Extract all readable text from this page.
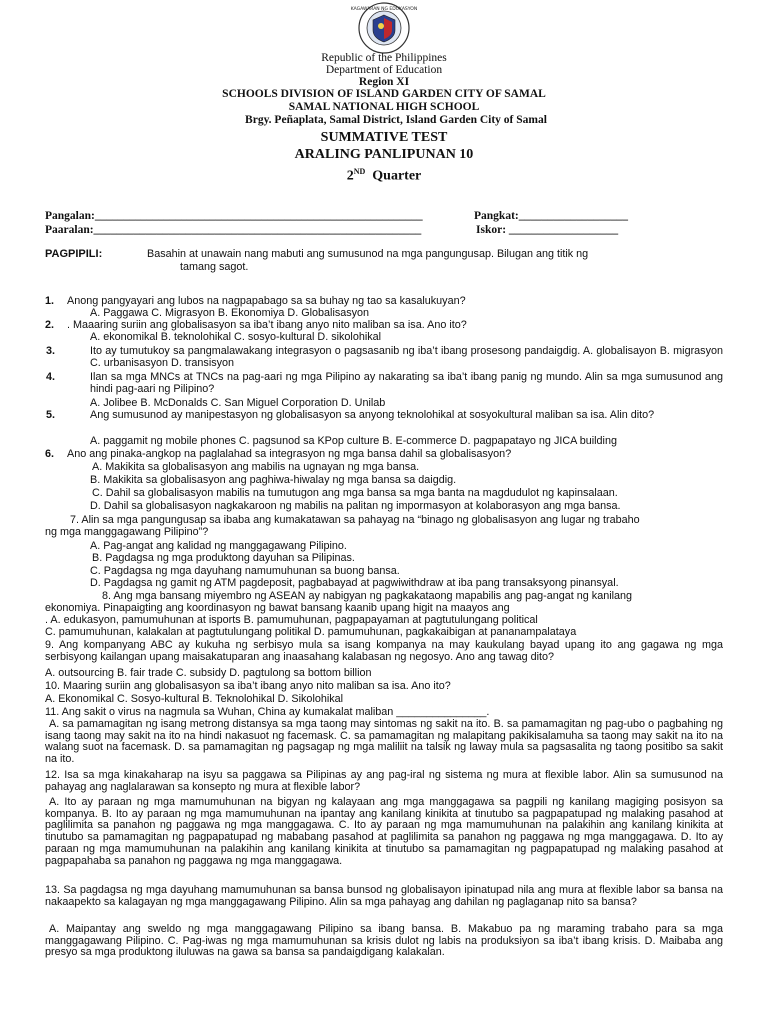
KAGAWARAN NG EDUKASYON
Republic of the Philippines
Department of Education
Region XI
SCHOOLS DIVISION OF ISLAND GARDEN CITY OF SAMAL
SAMAL NATIONAL HIGH SCHOOL
Brgy. Peñaplata, Samal District, Island Garden City of Samal
SUMMATIVE TEST
ARALING PANLIPUNAN 10
2ND Quarter
Pangalan:_________________________________________________________	Pangkat:___________________
Paaralan:_________________________________________________________	Iskor: ___________________
PAGPIPILI:	Basahin at unawain nang mabuti ang sumusunod na mga pangungusap. Bilugan ang titik ng
tamang sagot.
1. Anong pangyayari ang lubos na nagpapabago sa sa buhay ng tao sa kasalukuyan?
A. Paggawa C. Migrasyon B. Ekonomiya D. Globalisasyon
2. . Maaaring suriin ang globalisasyon sa iba’t ibang anyo nito maliban sa isa. Ano ito?
A. ekonomikal B. teknolohikal C. sosyo-kultural D. sikolohikal
3.	Ito ay tumutukoy sa pangmalawakang integrasyon o pagsasanib ng iba’t ibang prosesong pandaigdig. A. globalisayon B. migrasyon C. urbanisasyon D. transisyon
4.	Ilan sa mga MNCs at TNCs na pag-aari ng mga Pilipino ay nakarating sa iba’t ibang panig ng mundo. Alin sa mga sumusunod ang hindi pag-aari ng Pilipino?
A. Jolibee B. McDonalds C. San Miguel Corporation D. Unilab
5.	Ang sumusunod ay manipestasyon ng globalisasyon sa anyong teknolohikal at sosyokultural maliban sa isa. Alin dito?
A. paggamit ng mobile phones C. pagsunod sa KPop culture B. E-commerce D. pagpapatayo ng JICA building
6. Ano ang pinaka-angkop na paglalahad sa integrasyon ng mga bansa dahil sa globalisasyon?
A. Makikita sa globalisasyon ang mabilis na ugnayan ng mga bansa.
B. Makikita sa globalisasyon ang paghiwa-hiwalay ng mga bansa sa daigdig.
C. Dahil sa globalisasyon mabilis na tumutugon ang mga bansa sa mga banta na magdudulot ng kapinsalaan.
D. Dahil sa globalisasyon nagkakaroon ng mabilis na palitan ng impormasyon at kolaborasyon ang mga bansa.
7. Alin sa mga pangungusap sa ibaba ang kumakatawan sa pahayag na “binago ng globalisasyon ang lugar ng trabaho
ng mga manggagawang Pilipino”?
A. Pag-angat ang kalidad ng manggagawang Pilipino.
B. Pagdagsa ng mga produktong dayuhan sa Pilipinas.
C. Pagdagsa ng mga dayuhang namumuhunan sa buong bansa.
D. Pagdagsa ng gamit ng ATM pagdeposit, pagbabayad at pagwiwithdraw at iba pang transaksyong pinansyal.
8. Ang mga bansang miyembro ng ASEAN ay nabigyan ng pagkakataong mapabilis ang pag-angat ng kanilang
ekonomiya. Pinapaigting ang koordinasyon ng bawat bansang kaanib upang higit na maayos ang
. A. edukasyon, pamumuhunan at isports B. pamumuhunan, pagpapayaman at pagtutulungang political
C. pamumuhunan, kalakalan at pagtutulungang politikal D. pamumuhunan, pagkakaibigan at pananampalataya
9. Ang kompanyang ABC ay kukuha ng serbisyo mula sa isang kompanya na may kaukulang bayad upang ito ang gagawa ng mga serbisyong kailangan upang maisakatuparan ang inaasahang kalabasan ng negosyo. Ano ang tawag dito?
A. outsourcing B. fair trade C. subsidy D. pagtulong sa bottom billion
10. Maaring suriin ang globalisasyon sa iba’t ibang anyo nito maliban sa isa. Ano ito?
A. Ekonomikal C. Sosyo-kultural B. Teknolohikal D. Sikolohikal
11. Ang sakit o virus na nagmula sa Wuhan, China ay kumakalat maliban _______________.
A. sa pamamagitan ng isang metrong distansya sa mga taong may sintomas ng sakit na ito. B. sa pamamagitan ng pag-ubo o pagbahing ng isang taong may sakit na ito na hindi nakasuot ng facemask. C. sa pamamagitan ng malapitang pakikisalamuha sa taong may sakit na ito na walang suot na facemask. D. sa pamamagitan ng pagsagap ng mga maliliit na talsik ng laway mula sa pagsasalita ng taong positibo sa sakit na ito.
12. Isa sa mga kinakaharap na isyu sa paggawa sa Pilipinas ay ang pag-iral ng sistema ng mura at flexible labor. Alin sa sumusunod na pahayag ang naglalarawan sa konsepto ng mura at flexible labor?
A. Ito ay paraan ng mga mamumuhunan na bigyan ng kalayaan ang mga manggagawa sa pagpili ng kanilang magiging posisyon sa kompanya. B. Ito ay paraan ng mga mamumuhunan na ipantay ang kanilang kinikita at tinutubo sa pagpapatupad ng malaking pasahod at paglilimita sa panahon ng paggawa ng mga manggagawa. C. Ito ay paraan ng mga mamumuhunan na palakihin ang kanilang kinikita at tinutubo sa pamamagitan ng pagpapatupad ng mababang pasahod at paglilimita sa panahon ng paggawa ng mga manggagawa. D. Ito ay paraan ng mga mamumuhunan na palakihin ang kanilang kinikita at tinutubo sa pamamagitan ng pagpapatupad ng malaking pasahod at pagpapahaba sa panahon ng paggawa ng mga manggagawa.
13. Sa pagdagsa ng mga dayuhang mamumuhunan sa bansa bunsod ng globalisayon ipinatupad nila ang mura at flexible labor sa bansa na nakaapekto sa kalagayan ng mga manggagawang Pilipino. Alin sa mga pahayag ang dahilan ng paglaganap nito sa bansa?
A. Maipantay ang sweldo ng mga manggagawang Pilipino sa ibang bansa. B. Makabuo pa ng maraming trabaho para sa mga manggagawang Pilipino. C. Pag-iwas ng mga mamumuhunan sa krisis dulot ng labis na produksiyon sa iba’t ibang krisis. D. Maibaba ang presyo sa mga produktong iluluwas na gawa sa bansa sa pandaigdigang kalakalan.
